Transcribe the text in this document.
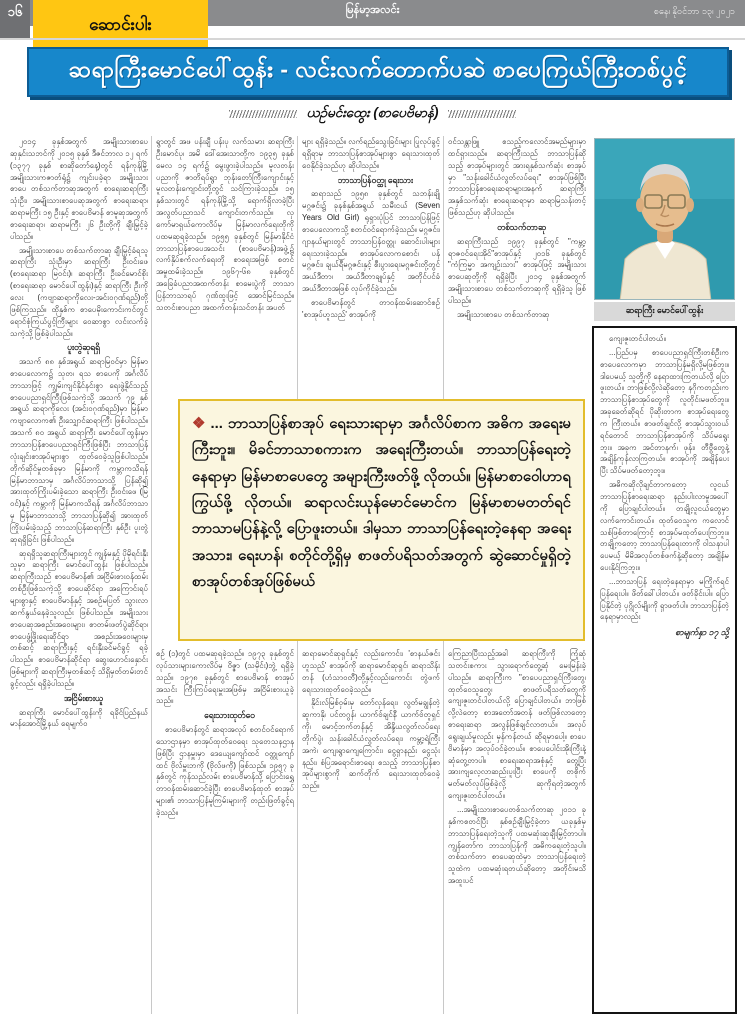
မြန်မာ့အလင်း	စနေ၊ နိုဝင်ဘာ ၁၃၊ ၂၀၂၁
၁၆
ဆောင်းပါး
ဆရာကြီးမောင်ပေါ်ထွန်း - လင်းလက်တောက်ပဆဲ စာပေကြယ်ကြီးတစ်ပွင့်
ယဉ်မင်းထွေး (စာပေဗိမာန်)

၂၀၁၄ ခုနှစ်အတွက် အမျိုးသားစာပေ ဆုနှင်းသဘင်ကို ၂၀၁၅ ခုနှစ် ဒီဇင်ဘာလ ၁၂ ရက် (၁၃၇၇ ခုနှစ် စာဆိုတော်နေ့)တွင် ရန်ကုန်မြို့ အမျိုးသားကဇာတ်ရုံ၌ ကျင်းပခဲ့ရာ အမျိုးသားစာပေ တစ်သက်တာဆုအတွက် စာရေးဆရာကြီး သုံးဦး၊ အမျိုးသားစာပေဆုအတွက် စာရေးဆရာ၊ ဆရာမကြီး ၁၅ ဦးနှင့် စာပေဗိမာန် စာမူဆုအတွက် စာရေးဆရာ၊ ဆရာမကြီး ၂၆ ဦးတို့ကို ချီးမြှင့်ခဲ့ပါသည်။

အမျိုးသားစာပေ တစ်သက်တာဆု ချီးမြှင့်ခံရသူ ဆရာကြီး သုံးဦးမှာ ဆရာကြီး ဦးဝင်းဖေ (စာရေးဆရာ မြဝင်း)၊ ဆရာကြီး ဦးခင်မောင်စိုး (စာရေးဆရာ မောင်ပေါ်ထွန်း)နှင့် ဆရာကြီး ဦးကိုလေး (ကဗျာဆရာကိုလေး-အင်းဝဂုဏ်ရည်)တို့ ဖြစ်ကြသည်။ ထိုနှစ်က စာပေမိုးကောင်းကင်တွင် ရောင်စုံကြယ်ပွင့်ကြီးများ ဝေဆာစွာ လင်းလက်ခဲ့သကဲ့သို့ ဖြစ်ခဲ့ပါသည်။

ပူးတွဲဆုရရှိ

အသက် ၈၈ နှစ်အရွယ် ဆရာမြဝင်မှာ မြန်မာစာပေလောက၌ သုတ၊ ရသ စာပေကို အင်္ဂလိပ်ဘာသာဖြင့် ကျွမ်းကျင်နိုင်နင်းစွာ ရေးဖွဲ့နိုင်သည့် စာပေပညာရှင်ကြီးဖြစ်သကဲ့သို့ အသက် ၇၉ နှစ်အရွယ် ဆရာကိုလေး (အင်းဝဂုဏ်ရည်)မှာ မြန်မာကဗျာလောက၏ ဦးသျှောင်ဆရာကြီး ဖြစ်ပါသည်။ အသက် ၈၀ အရွယ် ဆရာကြီး မောင်ပေါ်ထွန်းမှာ ဘာသာပြန်စာပေပညာရှင်ကြီးဖြစ်ပြီး ဘာသာပြန်လုံးချင်းစာအုပ်များစွာ ထုတ်ဝေခဲ့သူဖြစ်ပါသည်။ တိုက်ဆိုင်မှုတစ်ခုမှာ မြန်မာကို ကမ္ဘာကသိရန် မြန်မာဘာသာမှ အင်္ဂလိပ်ဘာသာသို့ ပြန်ဆို၍ အားထုတ်ကြိုးပမ်းခဲ့သော ဆရာကြီး ဦးဝင်းဖေ (မြဝင်)နှင့် ကမ္ဘာကို မြန်မာကသိရန် အင်္ဂလိပ်ဘာသာမှ မြန်မာဘာသာသို့ ဘာသာပြန်ဆို၍ အားထုတ်ကြိုးပမ်းခဲ့သည့် ဘာသာပြန်ဆရာကြီး နှစ်ဦး ပူးတွဲဆုရရှိခြင်း ဖြစ်ပါသည်။

ဆုရရှိသူဆရာကြီးများတွင် ကျွန်မနှင့် ပိုမိုရင်းနှီးသူမှာ ဆရာကြီး မောင်ပေါ်ထွန်း ဖြစ်ပါသည်။ ဆရာကြီးသည် စာပေဗိမာန်၏ အငြိမ်းစားဝန်ထမ်းတစ်ဦးဖြစ်သကဲ့သို့ စာပေဆိုင်ရာ အကြောင်းရပ်များစွာနှင့် စာပေဗိမာန်နှင့် အစဉ်မပြတ် သွားလာဆက်နွယ်နေခဲ့သူလည်း ဖြစ်ပါသည်။ အမျိုးသားစာပေဆုအစည်းအဝေးများ၊ စာတမ်းဖတ်ပွဲဆိုင်ရာ၊ စာပေဖွံ့ဖြိုးရေးဆိုင်ရာ အစည်းအဝေးများမှတစ်ဆင့် ဆရာကြီးနှင့် ရင်းနှီးခင်မင်ခွင့် ရခဲ့ပါသည်။ စာပေဗိမာန်ဆိုင်ရာ ဆွေးဟောင်းနှောင်းဖြစ်များကို ဆရာကြီးမှတစ်ဆင့် သိရှိမှတ်တမ်းတင်ခွင့်လည်း ရရှိခဲ့ပါသည်။

အငြိမ်းစားယူ

ဆရာကြီး မောင်ပေါ်ထွန်းကို ရခိုင်ပြည်နယ် မာန်အောင်မြို့နယ် ရေမျက်ဝ

ရွာတွင် အဖ ပန်းချီ ပန်းပု လက်သမား ဆရာကြီး ဦးမောင်ပု၊ အမိ ဒေါ်အေးသာတို့က ၁၉၃၅ ခုနှစ် မေလ ၁၄ ရက်၌ မွေးဖွားခဲ့ပါသည်။ မူလတန်းပညာကို ဇာတိရပ်ရွာ ဘုန်းတော်ကြီးကျောင်းနှင့် မူလတန်းကျောင်းတို့တွင် သင်ကြားခဲ့သည်။ ၁၅ နှစ်သားတွင် ရန်ကုန်မြို့သို့ ရောက်ရှိလာခဲ့ပြီး အလွတ်ပညာသင် ကျောင်းတက်သည်။ လှကော်မာရှယ်ကောလိပ်မှ မြန်မာလက်ရေးတိုကို ပထမဆုရခဲ့သည်။ ၁၉၅၅ ခုနှစ်တွင် မြန်မာနိုင်ငံ ဘာသာပြန်စာပေအသင်း (စာပေဗိမာန်)အဖွဲ့၌ လက်နှိပ်စက်လက်ရေးတို စာရေးအဖြစ် စတင်အမှုထမ်းခဲ့သည်။ ၁၉၆၇-၆၈ ခုနှစ်တွင် အခြေခံပညာအထက်တန်း စာမေးပွဲကို ဘာသာပြန်ဘာသာရပ် ဂုဏ်ထူးဖြင့် အောင်မြင်သည်။ သတင်းစာပညာ အထက်တန်းသင်တန်း အပတ်

စဉ် (၁)တွင် ပထမဆုရခဲ့သည်။ ၁၉၇၃ ခုနှစ်တွင် လုပ်သားများကောလိပ်မှ ဝိဇ္ဇာ (သမိုင်း)ဘွဲ့ ရရှိခဲ့သည်။ ၁၉၇၈ ခုနှစ်တွင် စာပေဗိမာန် စာအုပ်အသင်း ကြီးကြပ်ရေးမှူးအဖြစ်မှ အငြိမ်းစားယူခဲ့သည်။

ရေးသားထုတ်ဝေ

စာပေဗိမာန်တွင် ဆရာအလုပ် စတင်ဝင်ရောက်သောဌာနမှာ စာအုပ်ထုတ်ဝေရေး သုတေသနဌာနဖြစ်ပြီး ဌာနမှူးမှာ ဒေယျေကျော်ထင် ဝတ္ထုကျော်ထင် ဗိုလ်မှူးဘကို (ဗိုလ်ဖကို) ဖြစ်သည်။ ၁၉၅၇ ခုနှစ်တွင် ကုန်သည်လမ်း စာပေဗိမာန်သို့ ပြောင်းရွှေ့တာဝန်ထမ်းဆောင်ခဲ့ပြီး စာပေဗိမာန်ထုတ် စာအုပ်များ၏ ဘာသာပြန်မူကြမ်းများကို တည်းဖြတ်ခွင့်ရခဲ့သည်။

များ ရရှိခဲ့သည်။ လက်ရည်သွေးခြင်းများ ပြုလုပ်ခွင့်ရရှိရာမှ ဘာသာပြန်စာအုပ်များစွာ ရေးသားထုတ်ဝေနိုင်ခဲ့သည်ဟု ဆိုပါသည်။

ဘာသာပြန်ဝတ္ထု ရေးသား

ဆရာသည် ၁၉၅၈ ခုနှစ်တွင် သဘန်းချိုမဂ္ဂဇင်း၌ ခုနစ်နှစ်အရွယ် သမီးငယ် (Seven Years Old Girl) ရုရှားပုံပြင် ဘာသာပြန်ဖြင့် စာပေလောကသို့ စတင်ဝင်ရောက်ခဲ့သည်။ မဂ္ဂဇင်း၊ ဂျာနယ်များတွင် ဘာသာပြန်ဝတ္ထု၊ ဆောင်းပါးများ ရေးသားခဲ့သည်။ စာအုပ်လောကစောင်၊ ပန်မဂ္ဂဇင်း၊ ချယ်ရီမဂ္ဂဇင်းနှင့် စီးပွားရေးမဂ္ဂဇင်းတို့တွင် အယ်ဒီတာ၊ အယ်ဒီတာချုပ်နှင့် အတိုင်ပင်ခံ အယ်ဒီတာအဖြစ် လုပ်ကိုင်ခဲ့သည်။

စာပေဗိမာန်တွင် တာဝန်ထမ်းဆောင်စဉ် 'စာအုပ်ဟူသည်' စာအုပ်ကို

ဆရာမောင်ဆုရှင်နှင့် လည်းကောင်း၊ 'စာနယ်ဇင်းဟူသည်' စာအုပ်ကို ဆရာမောင်ဆုရှင်၊ ဆရာသိန်းတန် (ဟံသာဝတီ)တို့နှင့်လည်းကောင်း တွဲဖက် ရေးသားထုတ်ဝေခဲ့သည်။

နိုင်းလ်မြစ်ဝှမ်းမှ တော်လှန်ရေး၊ လွတ်မချွန်တဲ့ဆူကာနို၊ ပင်တဂွန်၊ ယာက်ဗ်ချင်နီ ယာက်ဗ်တူရှင်ကို၊ မောင့်ဘက်တန်နှင့် အိန္ဒိယလွတ်လပ်ရေးတိုက်ပွဲ၊ သန်းခေါင်ယံလွတ်လပ်ရေး၊ ကမ္ဘာ့ရဲ့ကြီးအကဲ၊ ကျေးရွာကျေကြောင်း၊ ငွေရှာနည်း ငွေသုံးနည်း၊ စံပြအရောင်းစာရေး စသည့် ဘာသာပြန်စာအုပ်များစွာကို ဆက်တိုက် ရေးသားထုတ်ဝေခဲ့သည်။

ဝင်သန္တာဖြူ စသည့်ကလောင်အမည်များမှာ ထင်ရှားသည်။ ဆရာကြီးသည် ဘာသာပြန်ဆိုသည့် စာအုပ်များတွင် အားရနှစ်သက်ဆုံး စာအုပ်မှာ "သန်းခေါင်ယံလွတ်လပ်ရေး" စာအုပ်ဖြစ်ပြီး ဘာသာပြန်စာရေးဆရာများအနက် ဆရာကြီး အနှစ်သက်ဆုံး စာရေးဆရာမှာ ဆရာမြသန်းတင့် ဖြစ်သည်ဟု ဆိုပါသည်။

တစ်သက်တာဆု

ဆရာကြီးသည် ၁၉၉၇ ခုနှစ်တွင် "ကမ္ဘာ့ရာဇဝင်ရေးအိုင်"စာအုပ်နှင့် ၂၀၁၆ ခုနှစ်တွင် "ကံကြမ္မာ အကျဉ်းသား" စာအုပ်ဖြင့် အမျိုးသားစာပေဆုတို့ကို ရရှိခဲ့ပြီး ၂၀၁၄ ခုနှစ်အတွက် အမျိုးသားစာပေ တစ်သက်တာဆုကို ရရှိခဲ့သူ ဖြစ်ပါသည်။

အမျိုးသားစာပေ တစ်သက်တာဆု

ကြေညာပြီးသည့်အခါ ဆရာကြီးကို ကြုံဆုံသတင်းစကား သွားရောက်တွေ့ဆုံ မေးမြန်းခဲ့ပါသည်။ ဆရာကြီးက "စာပေပညာရှင်ကြီးတွေ၊ ထုတ်ဝေသူတွေ၊ စာဖတ်ပရိသတ်တွေကို ကျေးဇူးတင်ပါတယ်လို့ ပြောချင်ပါတယ်။ ဘာဖြစ်လို့လဲတော့ စာအတော်အတန် ဖတ်ဖြစ်လာတော့ စာရေးဆရာ အလွန်ဖြစ်ချင်လာတယ်။ အလုပ်ရွေးချယ်မှုလည်း မှန်ကန်တယ် ဆိုရမှာပေါ့။ စာပေဗိမာန်မှာ အလုပ်ဝင်ခဲ့တယ်။ စာပေပေါင်းအိုးကြီးနဲ့ ဆုံတွေ့တာပါ။ စာရေးဆရာအစုံနှင့် တွေ့ပြီး အားကျလေ့လာဆည်းပူးပြီး စာပေကို တစိုက်မတ်မတ်လုပ်ဖြစ်ခဲ့လို့ ဆုကိုရတဲ့အတွက် ကျေးဇူးတင်ပါတယ်။

...အမျိုးသားစာပေတစ်သက်တာဆု ၂၀၁၁ ခုနှစ်ကစတင်ပြီး နှစ်စဉ်ချီးမြှင့်ခဲ့တာ ယခုနှစ်မှ ဘာသာပြန်ရေးတဲ့သူကို ပထမဆုံးဆုချီးမြှင့်တာပါ။ ကျွန်တော်က ဘာသာပြန်ကို အဓိကရေးတဲ့သူပါ။ တစ်သက်တာ စာပေဆုထဲမှာ ဘာသာပြန်ရေးတဲ့သူထဲက ပထမဆုံးရတယ်ဆိုတော့ အတိုင်းမသိ အထူးပင်

ဆရာကြီး မောင်ပေါ်ထွန်း
❖ ... ဘာသာပြန်စာအုပ် ရေးသားရာမှာ အင်္ဂလိပ်စာက အဓိက အရေးမကြီးဘူး။ မိခင်ဘာသာစကားက အရေးကြီးတယ်။ ဘာသာပြန်ရေးတဲ့နေရာမှာ မြန်မာစာပေတွေ အများကြီးဖတ်ဖို့ လိုတယ်။ မြန်မာစာဝေါဟာရကြွယ်ဖို့ လိုတယ်။ ဆရာလင်းယုန်မောင်မောင်က မြန်မာစာမတတ်ရင် ဘာသာမပြန်နဲ့လို့ ပြောဖူးတယ်။ ဒါမှသာ ဘာသာပြန်ရေးတဲ့နေရာ အရေးအသား၊ ရေးဟန်၊ စတိုင်တို့ရှိမှ စာဖတ်ပရိသတ်အတွက် ဆွဲဆောင်မှုရှိတဲ့ စာအုပ်တစ်အုပ်ဖြစ်မယ်

ကျေးဇူးတင်ပါတယ်။

...ပြည်ပမှ စာပေပညာရှင်ကြီးတစ်ဦးက စာပေလောကမှာ ဘာသာပြန်မရှိလို့မဖြစ်ဘူး။ ဒါပေမယ့် သူတို့ကို နေရာထားကြတယ်လို့ ပြောဖူးတယ်။ ဘာဖြစ်လို့လဲဆိုတော့ နဂိုကတည်းက ဘာသာပြန်စာအုပ်တွေကို လူတိုင်းမဖတ်ဘူး။ အခုခေတ်ဆိုရင် ပိုဆိုးတာက စာအုပ်ရေးတွေက ကြီးတယ်။ စာဖတ်ချင်လို့ စာအုပ်သွားဝယ်ရင်တောင် ဘာသာပြန်စာအုပ်ကို သိပ်မရွေးဘူး။ အခုက အင်တာနက်၊ ဖုန်း၊ တီဗွီတွေနဲ့ အချိန်ကုန်လာကြတယ်။ စာအုပ်ကို အချိန်ပေးပြီး သိပ်မဖတ်တော့ဘူး။

အဓိကဆိုလိုချင်တာကတော့ လူငယ် ဘာသာပြန်စာရေးဆရာ နည်းပါးလာမှုအပေါ်ကို ပြောချင်ပါတယ်။ တချို့လူငယ်တွေမှာ လက်ကောင်းတယ်။ ထုတ်ဝေသူက ကလောင်သစ်ဖြစ်တာကြောင့် စာအုပ်မထုတ်ပေးကြဘူး။ တချို့ကတော့ ဘာသာပြန်ရေးတာကို ဝါသနာပါပေမယ့် မိမိအလုပ်တစ်ဖက်နဲ့ဆိုတော့ အချိန်မပေးနိုင်ကြဘူး။

...ဘာသာပြန် ရေးတဲ့နေရာမှာ မကြိုက်ရင် ပြန်ရေးပါ။ ဖိတ်ခေါ်ပါတယ်။ ဖတ်ခိုင်းပါ။ ပြောပြနိုင်တဲ့ ပုဂ္ဂိုလ်မျိုးကို ရှာဖတ်ပါ။ ဘာသာပြန်တဲ့ နေရာမှာလည်း

စာမျက်နှာ ၁၇ သို့
